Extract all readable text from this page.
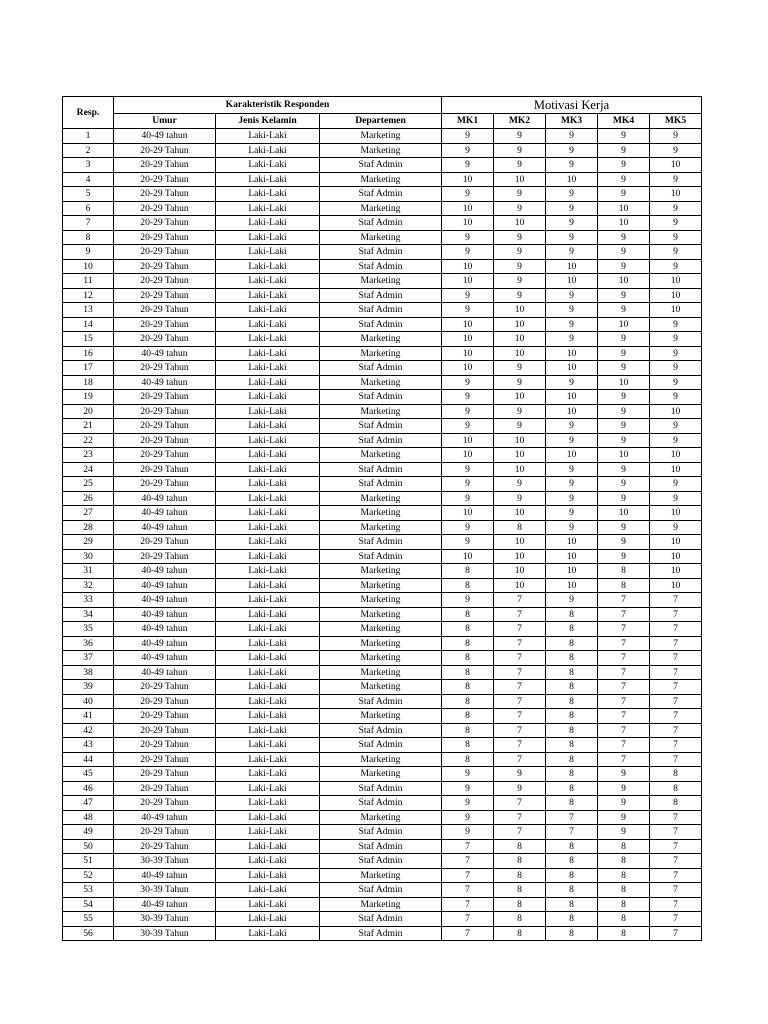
Resp.	Karakteristik Responden			Motivasi Kerja				
	Umur	Jenis Kelamin	Departemen	MK1	MK2	MK3	MK4	MK5
1	40-49 tahun	Laki-Laki	Marketing	9	9	9	9	9
2	20-29 Tahun	Laki-Laki	Marketing	9	9	9	9	9
3	20-29 Tahun	Laki-Laki	Staf Admin	9	9	9	9	10
4	20-29 Tahun	Laki-Laki	Marketing	10	10	10	9	9
5	20-29 Tahun	Laki-Laki	Staf Admin	9	9	9	9	10
6	20-29 Tahun	Laki-Laki	Marketing	10	9	9	10	9
7	20-29 Tahun	Laki-Laki	Staf Admin	10	10	9	10	9
8	20-29 Tahun	Laki-Laki	Marketing	9	9	9	9	9
9	20-29 Tahun	Laki-Laki	Staf Admin	9	9	9	9	9
10	20-29 Tahun	Laki-Laki	Staf Admin	10	9	10	9	9
11	20-29 Tahun	Laki-Laki	Marketing	10	9	10	10	10
12	20-29 Tahun	Laki-Laki	Staf Admin	9	9	9	9	10
13	20-29 Tahun	Laki-Laki	Staf Admin	9	10	9	9	10
14	20-29 Tahun	Laki-Laki	Staf Admin	10	10	9	10	9
15	20-29 Tahun	Laki-Laki	Marketing	10	10	9	9	9
16	40-49 tahun	Laki-Laki	Marketing	10	10	10	9	9
17	20-29 Tahun	Laki-Laki	Staf Admin	10	9	10	9	9
18	40-49 tahun	Laki-Laki	Marketing	9	9	9	10	9
19	20-29 Tahun	Laki-Laki	Staf Admin	9	10	10	9	9
20	20-29 Tahun	Laki-Laki	Marketing	9	9	10	9	10
21	20-29 Tahun	Laki-Laki	Staf Admin	9	9	9	9	9
22	20-29 Tahun	Laki-Laki	Staf Admin	10	10	9	9	9
23	20-29 Tahun	Laki-Laki	Marketing	10	10	10	10	10
24	20-29 Tahun	Laki-Laki	Staf Admin	9	10	9	9	10
25	20-29 Tahun	Laki-Laki	Staf Admin	9	9	9	9	9
26	40-49 tahun	Laki-Laki	Marketing	9	9	9	9	9
27	40-49 tahun	Laki-Laki	Marketing	10	10	9	10	10
28	40-49 tahun	Laki-Laki	Marketing	9	8	9	9	9
29	20-29 Tahun	Laki-Laki	Staf Admin	9	10	10	9	10
30	20-29 Tahun	Laki-Laki	Staf Admin	10	10	10	9	10
31	40-49 tahun	Laki-Laki	Marketing	8	10	10	8	10
32	40-49 tahun	Laki-Laki	Marketing	8	10	10	8	10
33	40-49 tahun	Laki-Laki	Marketing	9	7	9	7	7
34	40-49 tahun	Laki-Laki	Marketing	8	7	8	7	7
35	40-49 tahun	Laki-Laki	Marketing	8	7	8	7	7
36	40-49 tahun	Laki-Laki	Marketing	8	7	8	7	7
37	40-49 tahun	Laki-Laki	Marketing	8	7	8	7	7
38	40-49 tahun	Laki-Laki	Marketing	8	7	8	7	7
39	20-29 Tahun	Laki-Laki	Marketing	8	7	8	7	7
40	20-29 Tahun	Laki-Laki	Staf Admin	8	7	8	7	7
41	20-29 Tahun	Laki-Laki	Marketing	8	7	8	7	7
42	20-29 Tahun	Laki-Laki	Staf Admin	8	7	8	7	7
43	20-29 Tahun	Laki-Laki	Staf Admin	8	7	8	7	7
44	20-29 Tahun	Laki-Laki	Marketing	8	7	8	7	7
45	20-29 Tahun	Laki-Laki	Marketing	9	9	8	9	8
46	20-29 Tahun	Laki-Laki	Staf Admin	9	9	8	9	8
47	20-29 Tahun	Laki-Laki	Staf Admin	9	7	8	9	8
48	40-49 tahun	Laki-Laki	Marketing	9	7	7	9	7
49	20-29 Tahun	Laki-Laki	Staf Admin	9	7	7	9	7
50	20-29 Tahun	Laki-Laki	Staf Admin	7	8	8	8	7
51	30-39 Tahun	Laki-Laki	Staf Admin	7	8	8	8	7
52	40-49 tahun	Laki-Laki	Marketing	7	8	8	8	7
53	30-39 Tahun	Laki-Laki	Staf Admin	7	8	8	8	7
54	40-49 tahun	Laki-Laki	Marketing	7	8	8	8	7
55	30-39 Tahun	Laki-Laki	Staf Admin	7	8	8	8	7
56	30-39 Tahun	Laki-Laki	Staf Admin	7	8	8	8	7
